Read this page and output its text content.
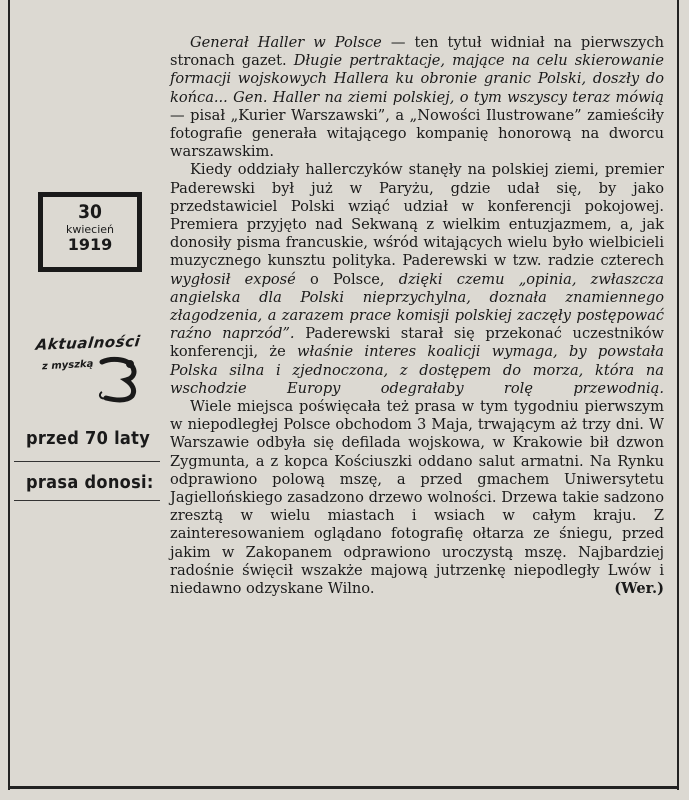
30
kwiecień
1919
Aktualności
z myszką
przed 70 laty
prasa donosi:

Generał Haller w Polsce — ten tytuł widniał na pierwszych stronach gazet. Długie pertraktacje, mające na celu skierowanie formacji wojskowych Hallera ku obronie granic Polski, doszły do końca... Gen. Haller na ziemi polskiej, o tym wszyscy teraz mówią — pisał „Kurier Warszawski”, a „Nowości Ilustrowane” zamieściły fotografie generała witającego kompanię honorową na dworcu warszawskim.

Kiedy oddziały hallerczyków stanęły na polskiej ziemi, premier Paderewski był już w Paryżu, gdzie udał się, by jako przedstawiciel Polski wziąć udział w konferencji pokojowej. Premiera przyjęto nad Sekwaną z wielkim entuzjazmem, a, jak donosiły pisma francuskie, wśród witających wielu było wielbicieli muzycznego kunsztu polityka. Paderewski w tzw. radzie czterech wygłosił exposé o Polsce, dzięki czemu „opinia, zwłaszcza angielska dla Polski nieprzychylna, doznała znamiennego złagodzenia, a zarazem prace komisji polskiej zaczęły postępować raźno naprzód”. Paderewski starał się przekonać uczestników konferencji, że właśnie interes koalicji wymaga, by powstała Polska silna i zjednoczona, z dostępem do morza, która na wschodzie Europy odegrałaby rolę przewodnią.

Wiele miejsca poświęcała też prasa w tym tygodniu pierwszym w niepodległej Polsce obchodom 3 Maja, trwającym aż trzy dni. W Warszawie odbyła się defilada wojskowa, w Krakowie bił dzwon Zygmunta, a z kopca Kościuszki oddano salut armatni. Na Rynku odprawiono polową mszę, a przed gmachem Uniwersytetu Jagiellońskiego zasadzono drzewo wolności. Drzewa takie sadzono zresztą w wielu miastach i wsiach w całym kraju. Z zainteresowaniem oglądano fotografię ołtarza ze śniegu, przed jakim w Zakopanem odprawiono uroczystą mszę. Najbardziej radośnie święcił wszakże majową jutrzenkę niepodległy Lwów i niedawno odzyskane Wilno.	(Wer.)
